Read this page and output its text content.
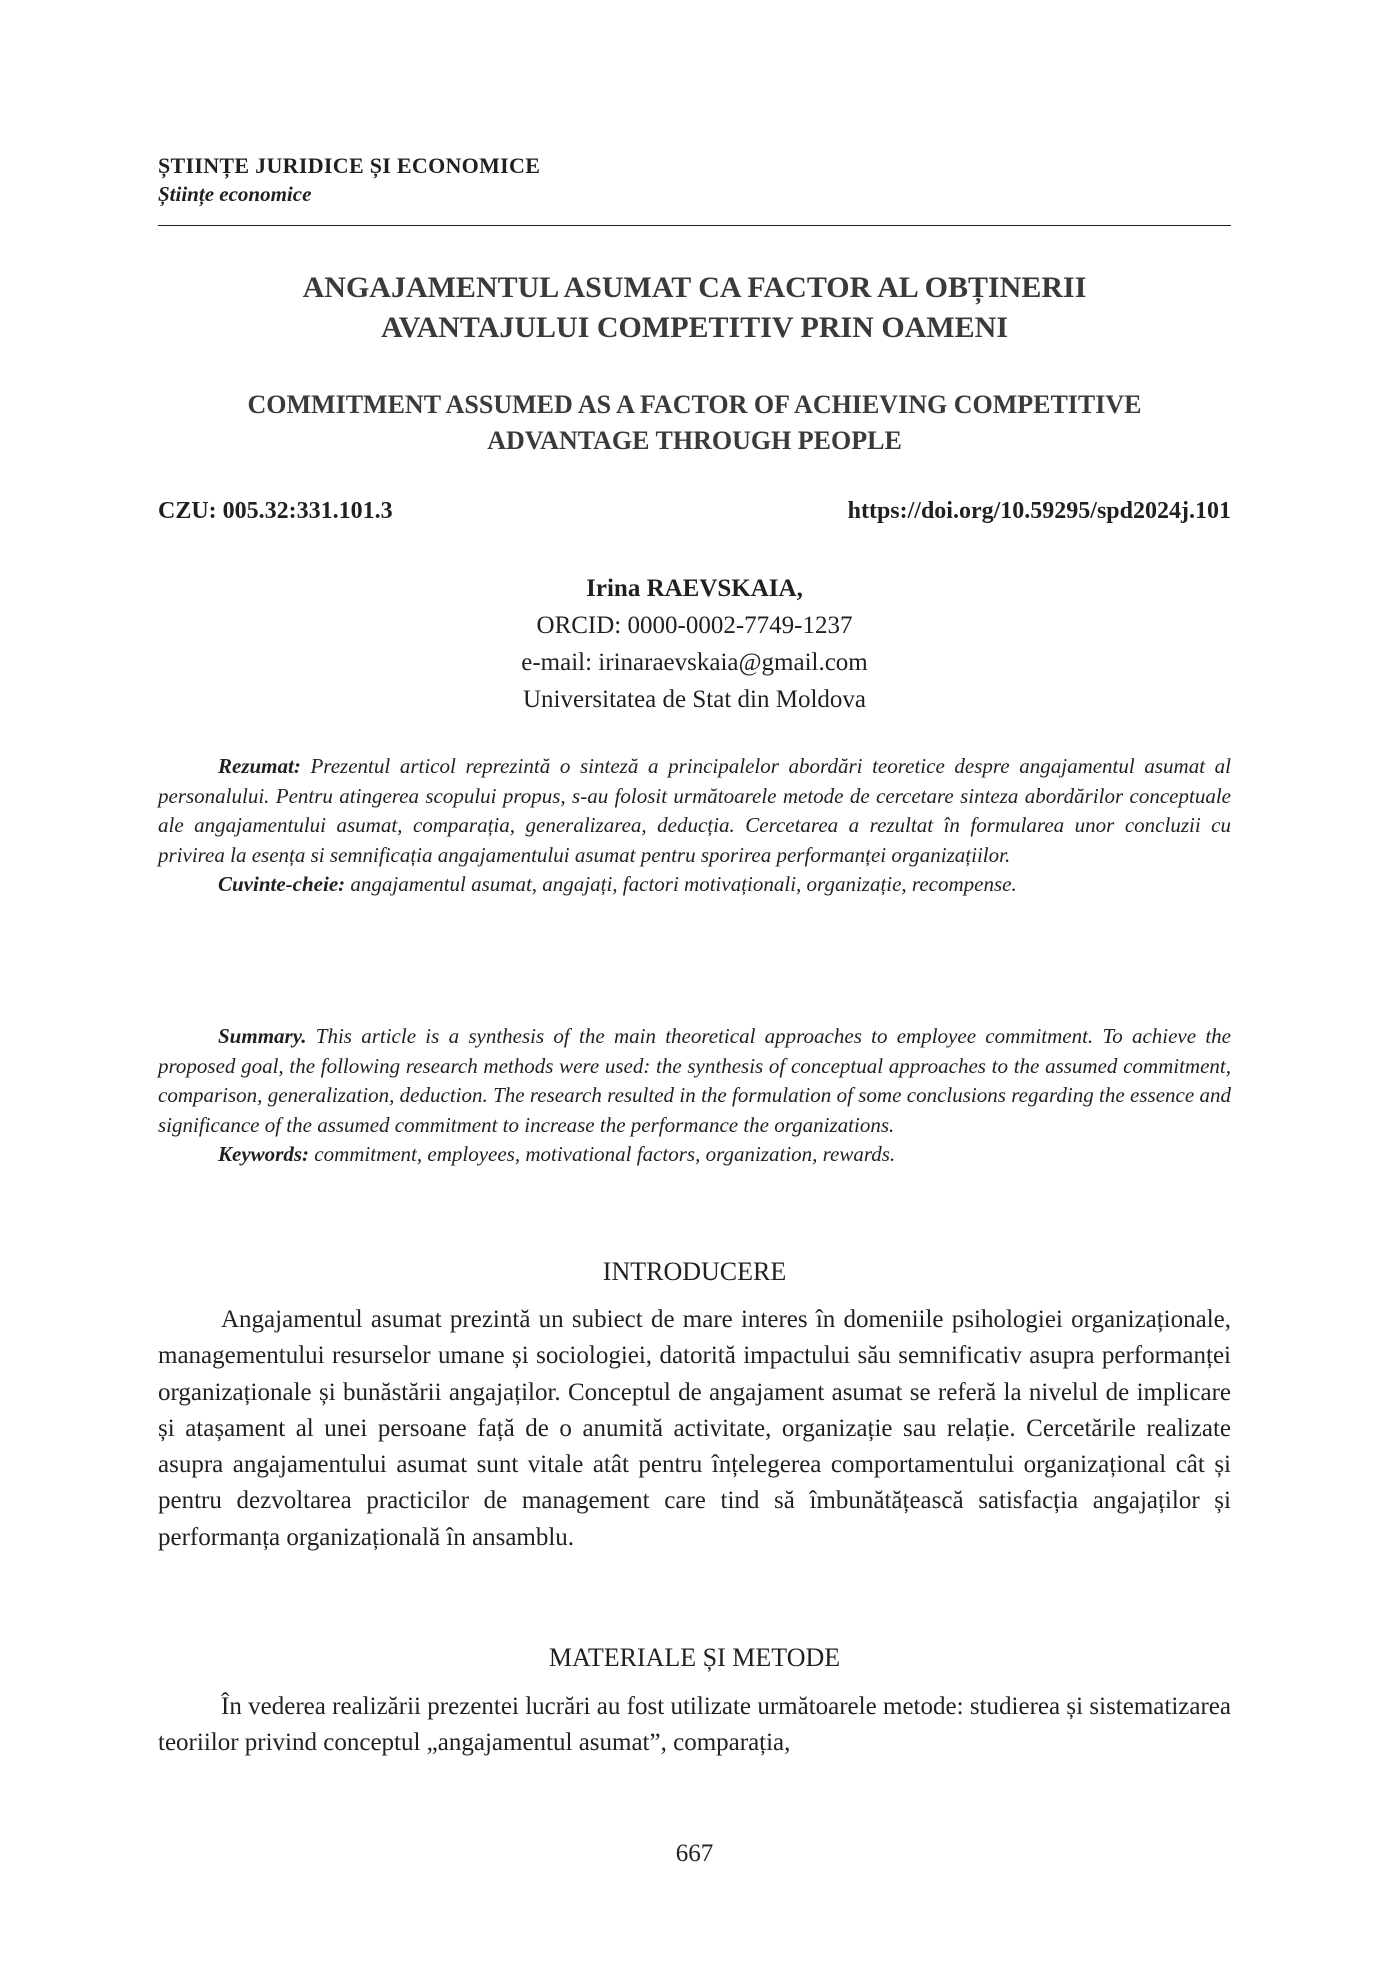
ȘTIINȚE JURIDICE ȘI ECONOMICE
Științe economice
ANGAJAMENTUL ASUMAT CA FACTOR AL OBȚINERII
AVANTAJULUI COMPETITIV PRIN OAMENI
COMMITMENT ASSUMED AS A FACTOR OF ACHIEVING COMPETITIVE
ADVANTAGE THROUGH PEOPLE
CZU: 005.32:331.101.3	https://doi.org/10.59295/spd2024j.101
Irina RAEVSKAIA,
ORCID: 0000-0002-7749-1237
e-mail: irinaraevskaia@gmail.com
Universitatea de Stat din Moldova

Rezumat: Prezentul articol reprezintă o sinteză a principalelor abordări teoretice despre angajamentul asumat al personalului. Pentru atingerea scopului propus, s-au folosit următoarele metode de cercetare sinteza abordărilor conceptuale ale angajamentului asumat, comparația, generalizarea, deducția. Cercetarea a rezultat în formularea unor concluzii cu privirea la esența si semnificația angajamentului asumat pentru sporirea performanței organizațiilor.

Cuvinte-cheie: angajamentul asumat, angajați, factori motivaționali, organizație, recompense.

Summary. This article is a synthesis of the main theoretical approaches to employee commitment. To achieve the proposed goal, the following research methods were used: the synthesis of conceptual approaches to the assumed commitment, comparison, generalization, deduction. The research resulted in the formulation of some conclusions regarding the essence and significance of the assumed commitment to increase the performance the organizations.

Keywords: commitment, employees, motivational factors, organization, rewards.

INTRODUCERE

Angajamentul asumat prezintă un subiect de mare interes în domeniile psihologiei organizaționale, managementului resurselor umane și sociologiei, datorită impactului său semnificativ asupra performanței organizaționale și bunăstării angajaților. Conceptul de angajament asumat se referă la nivelul de implicare și atașament al unei persoane față de o anumită activitate, organizație sau relație. Cercetările realizate asupra angajamentului asumat sunt vitale atât pentru înțelegerea comportamentului organizațional cât și pentru dezvoltarea practicilor de management care tind să îmbunătățească satisfacția angajaților și performanța organizațională în ansamblu.

MATERIALE ȘI METODE

În vederea realizării prezentei lucrări au fost utilizate următoarele metode: studierea și sistematizarea teoriilor privind conceptul „angajamentul asumat”, comparația,

667
